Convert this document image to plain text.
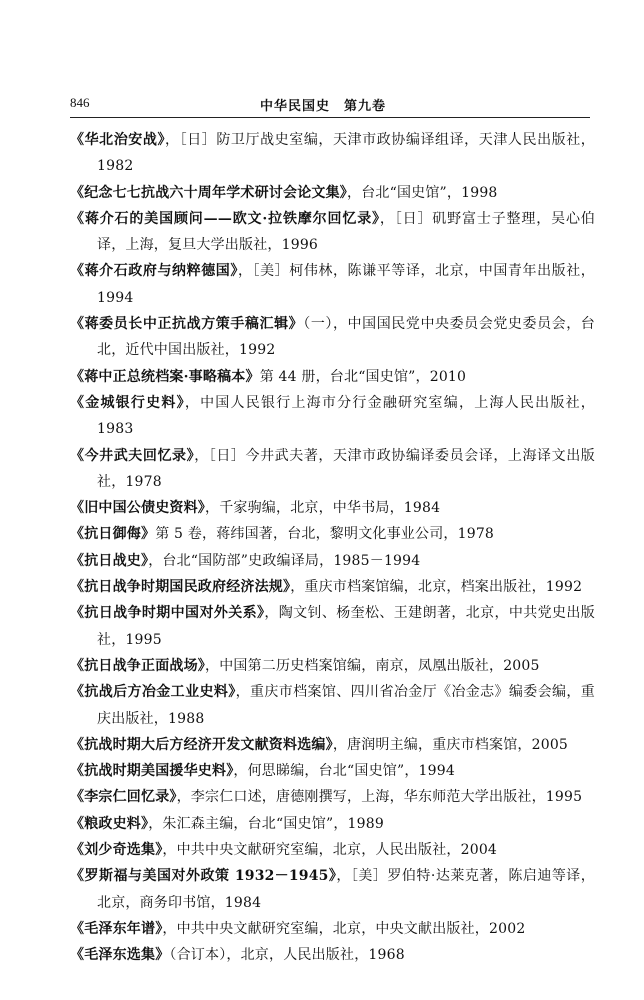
846	中华民国史　第九卷
《华北治安战》，［日］防卫厅战史室编，天津市政协编译组译，天津人民出版社，1982
《纪念七七抗战六十周年学术研讨会论文集》，台北“国史馆”，1998
《蒋介石的美国顾问——欧文·拉铁摩尔回忆录》，［日］矶野富士子整理，吴心伯译，上海，复旦大学出版社，1996
《蒋介石政府与纳粹德国》，［美］柯伟林，陈谦平等译，北京，中国青年出版社，1994
《蒋委员长中正抗战方策手稿汇辑》（一），中国国民党中央委员会党史委员会，台北，近代中国出版社，1992
《蒋中正总统档案·事略稿本》第 44 册，台北“国史馆”，2010
《金城银行史料》，中国人民银行上海市分行金融研究室编，上海人民出版社，1983
《今井武夫回忆录》，［日］今井武夫著，天津市政协编译委员会译，上海译文出版社，1978
《旧中国公债史资料》，千家驹编，北京，中华书局，1984
《抗日御侮》第 5 卷，蒋纬国著，台北，黎明文化事业公司，1978
《抗日战史》，台北“国防部”史政编译局，1985－1994
《抗日战争时期国民政府经济法规》，重庆市档案馆编，北京，档案出版社，1992
《抗日战争时期中国对外关系》，陶文钊、杨奎松、王建朗著，北京，中共党史出版社，1995
《抗日战争正面战场》，中国第二历史档案馆编，南京，凤凰出版社，2005
《抗战后方冶金工业史料》，重庆市档案馆、四川省冶金厅《冶金志》编委会编，重庆出版社，1988
《抗战时期大后方经济开发文献资料选编》，唐润明主编，重庆市档案馆，2005
《抗战时期美国援华史料》，何思睇编，台北“国史馆”，1994
《李宗仁回忆录》，李宗仁口述，唐德刚撰写，上海，华东师范大学出版社，1995
《粮政史料》，朱汇森主编，台北“国史馆”，1989
《刘少奇选集》，中共中央文献研究室编，北京，人民出版社，2004
《罗斯福与美国对外政策 1932－1945》，［美］罗伯特·达莱克著，陈启迪等译，北京，商务印书馆，1984
《毛泽东年谱》，中共中央文献研究室编，北京，中央文献出版社，2002
《毛泽东选集》（合订本），北京，人民出版社，1968
